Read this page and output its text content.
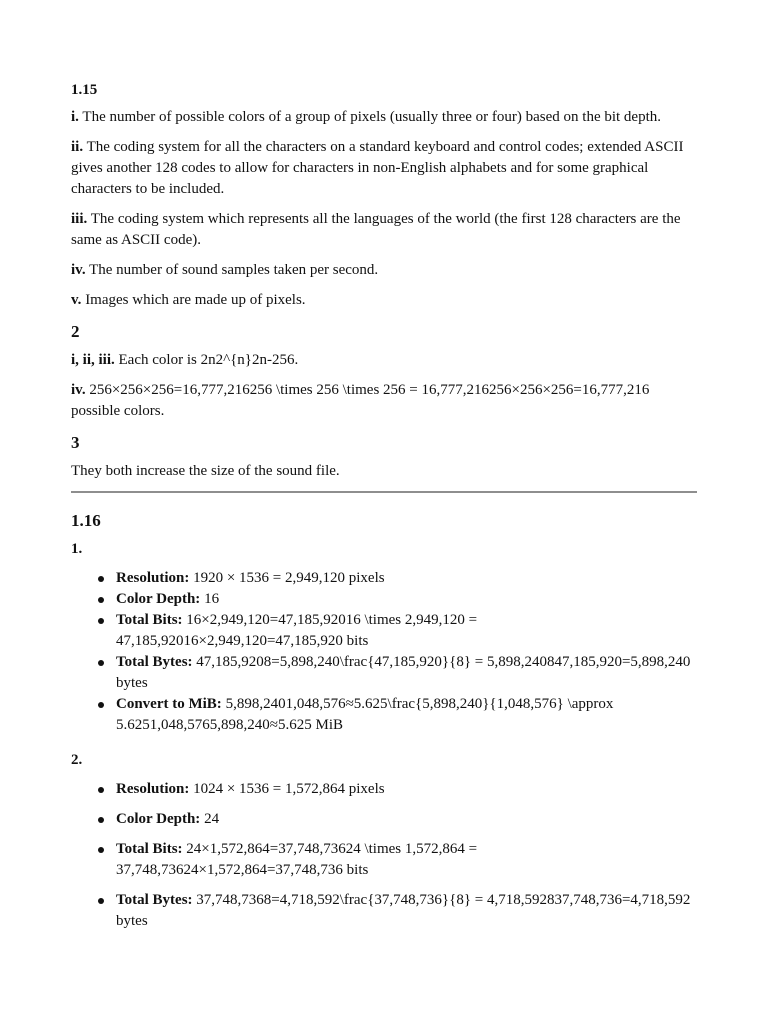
1.15

i. The number of possible colors of a group of pixels (usually three or four) based on the bit depth.

ii. The coding system for all the characters on a standard keyboard and control codes; extended ASCII gives another 128 codes to allow for characters in non-English alphabets and for some graphical characters to be included.

iii. The coding system which represents all the languages of the world (the first 128 characters are the same as ASCII code).

iv. The number of sound samples taken per second.

v. Images which are made up of pixels.

2

i, ii, iii. Each color is 2n2^{n}2n-256.

iv. 256×256×256=16,777,216256 \times 256 \times 256 = 16,777,216256×256×256=16,777,216 possible colors.

3

They both increase the size of the sound file.

1.16
1.
Resolution: 1920 × 1536 = 2,949,120 pixels
Color Depth: 16
Total Bits: 16×2,949,120=47,185,92016 \times 2,949,120 = 47,185,92016×2,949,120=47,185,920 bits
Total Bytes: 47,185,9208=5,898,240\frac{47,185,920}{8} = 5,898,240847,185,920=5,898,240 bytes
Convert to MiB: 5,898,2401,048,576≈5.625\frac{5,898,240}{1,048,576} \approx 5.6251,048,5765,898,240≈5.625 MiB
2.
Resolution: 1024 × 1536 = 1,572,864 pixels
Color Depth: 24
Total Bits: 24×1,572,864=37,748,73624 \times 1,572,864 = 37,748,73624×1,572,864=37,748,736 bits
Total Bytes: 37,748,7368=4,718,592\frac{37,748,736}{8} = 4,718,592837,748,736=4,718,592 bytes
